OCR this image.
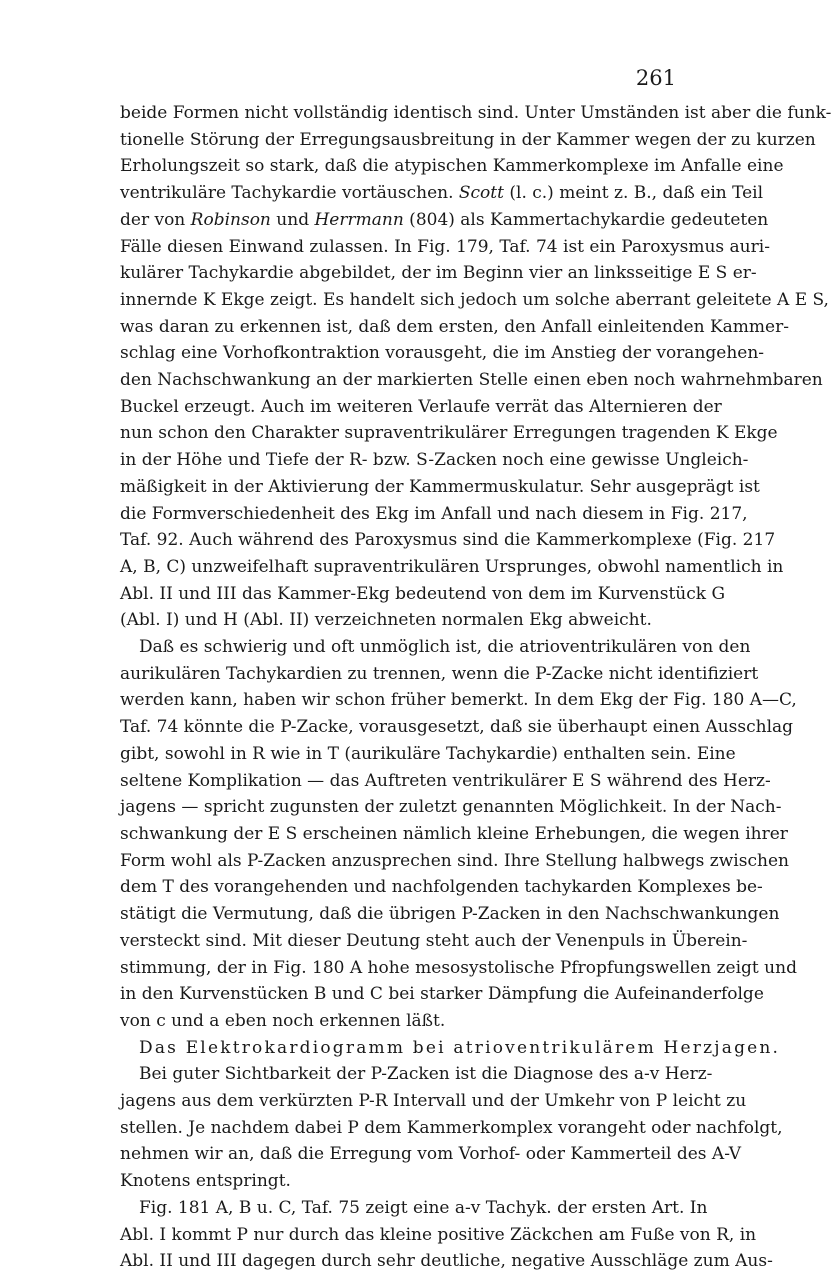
261
beide Formen nicht vollständig identisch sind. Unter Umständen ist aber die funk-
tionelle Störung der Erregungsausbreitung in der Kammer wegen der zu kurzen
Erholungszeit so stark, daß die atypischen Kammerkomplexe im Anfalle eine
ventrikuläre Tachykardie vortäuschen. Scott (l. c.) meint z. B., daß ein Teil
der von Robinson und Herrmann (804) als Kammertachykardie gedeuteten
Fälle diesen Einwand zulassen. In Fig. 179, Taf. 74 ist ein Paroxysmus auri-
kulärer Tachykardie abgebildet, der im Beginn vier an linksseitige E S er-
innernde K Ekge zeigt. Es handelt sich jedoch um solche aberrant geleitete A E S,
was daran zu erkennen ist, daß dem ersten, den Anfall einleitenden Kammer-
schlag eine Vorhofkontraktion vorausgeht, die im Anstieg der vorangehen-
den Nachschwankung an der markierten Stelle einen eben noch wahrnehmbaren
Buckel erzeugt. Auch im weiteren Verlaufe verrät das Alternieren der
nun schon den Charakter supraventrikulärer Erregungen tragenden K Ekge
in der Höhe und Tiefe der R- bzw. S-Zacken noch eine gewisse Ungleich-
mäßigkeit in der Aktivierung der Kammermuskulatur. Sehr ausgeprägt ist
die Formverschiedenheit des Ekg im Anfall und nach diesem in Fig. 217,
Taf. 92. Auch während des Paroxysmus sind die Kammerkomplexe (Fig. 217
A, B, C) unzweifelhaft supraventrikulären Ursprunges, obwohl namentlich in
Abl. II und III das Kammer-Ekg bedeutend von dem im Kurvenstück G
(Abl. I) und H (Abl. II) verzeichneten normalen Ekg abweicht.
Daß es schwierig und oft unmöglich ist, die atrioventrikulären von den
aurikulären Tachykardien zu trennen, wenn die P-Zacke nicht identifiziert
werden kann, haben wir schon früher bemerkt. In dem Ekg der Fig. 180 A—C,
Taf. 74 könnte die P-Zacke, vorausgesetzt, daß sie überhaupt einen Ausschlag
gibt, sowohl in R wie in T (aurikuläre Tachykardie) enthalten sein. Eine
seltene Komplikation — das Auftreten ventrikulärer E S während des Herz-
jagens — spricht zugunsten der zuletzt genannten Möglichkeit. In der Nach-
schwankung der E S erscheinen nämlich kleine Erhebungen, die wegen ihrer
Form wohl als P-Zacken anzusprechen sind. Ihre Stellung halbwegs zwischen
dem T des vorangehenden und nachfolgenden tachykarden Komplexes be-
stätigt die Vermutung, daß die übrigen P-Zacken in den Nachschwankungen
versteckt sind. Mit dieser Deutung steht auch der Venenpuls in Überein-
stimmung, der in Fig. 180 A hohe mesosystolische Pfropfungswellen zeigt und
in den Kurvenstücken B und C bei starker Dämpfung die Aufeinanderfolge
von c und a eben noch erkennen läßt.
Das Elektrokardiogramm bei atrioventrikulärem Herzjagen.
Bei guter Sichtbarkeit der P-Zacken ist die Diagnose des a-v Herz-
jagens aus dem verkürzten P-R Intervall und der Umkehr von P leicht zu
stellen. Je nachdem dabei P dem Kammerkomplex vorangeht oder nachfolgt,
nehmen wir an, daß die Erregung vom Vorhof- oder Kammerteil des A-V
Knotens entspringt.
Fig. 181 A, B u. C, Taf. 75 zeigt eine a-v Tachyk. der ersten Art. In
Abl. I kommt P nur durch das kleine positive Zäckchen am Fuße von R, in
Abl. II und III dagegen durch sehr deutliche, negative Ausschläge zum Aus-
